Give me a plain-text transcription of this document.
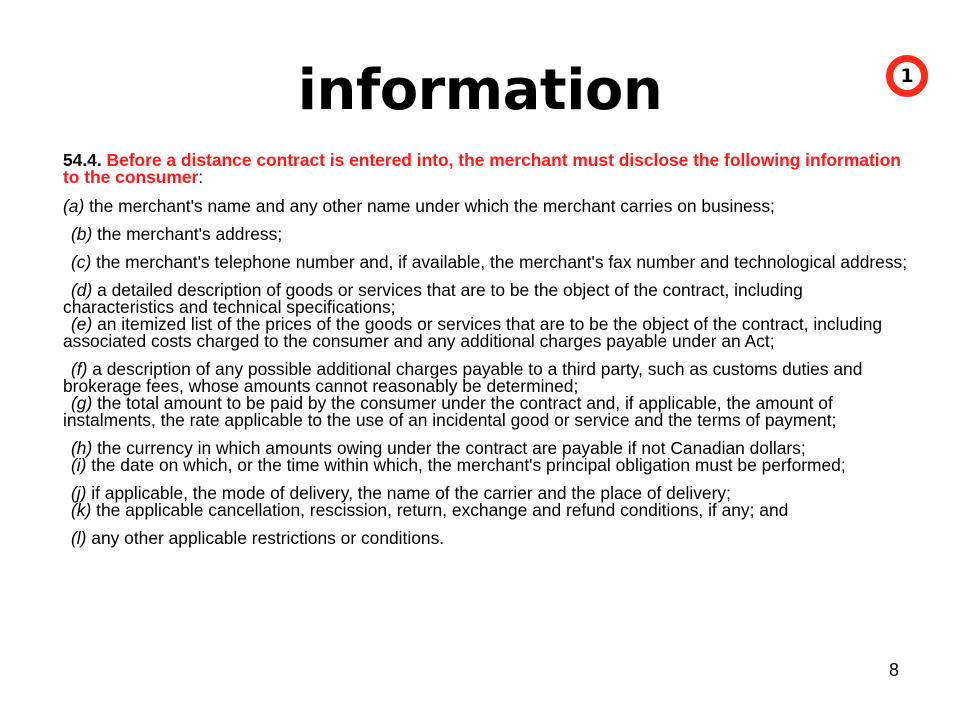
information	1

54.4. Before a distance contract is entered into, the merchant must disclose the following information to the consumer:

(a) the merchant's name and any other name under which the merchant carries on business;

(b) the merchant's address;

(c) the merchant's telephone number and, if available, the merchant's fax number and technological address;

(d) a detailed description of goods or services that are to be the object of the contract, including characteristics and technical specifications;

(e) an itemized list of the prices of the goods or services that are to be the object of the contract, including associated costs charged to the consumer and any additional charges payable under an Act;

(f) a description of any possible additional charges payable to a third party, such as customs duties and brokerage fees, whose amounts cannot reasonably be determined;

(g) the total amount to be paid by the consumer under the contract and, if applicable, the amount of instalments, the rate applicable to the use of an incidental good or service and the terms of payment;

(h) the currency in which amounts owing under the contract are payable if not Canadian dollars;

(i) the date on which, or the time within which, the merchant's principal obligation must be performed;

(j) if applicable, the mode of delivery, the name of the carrier and the place of delivery;

(k) the applicable cancellation, rescission, return, exchange and refund conditions, if any; and

(l) any other applicable restrictions or conditions.

8
